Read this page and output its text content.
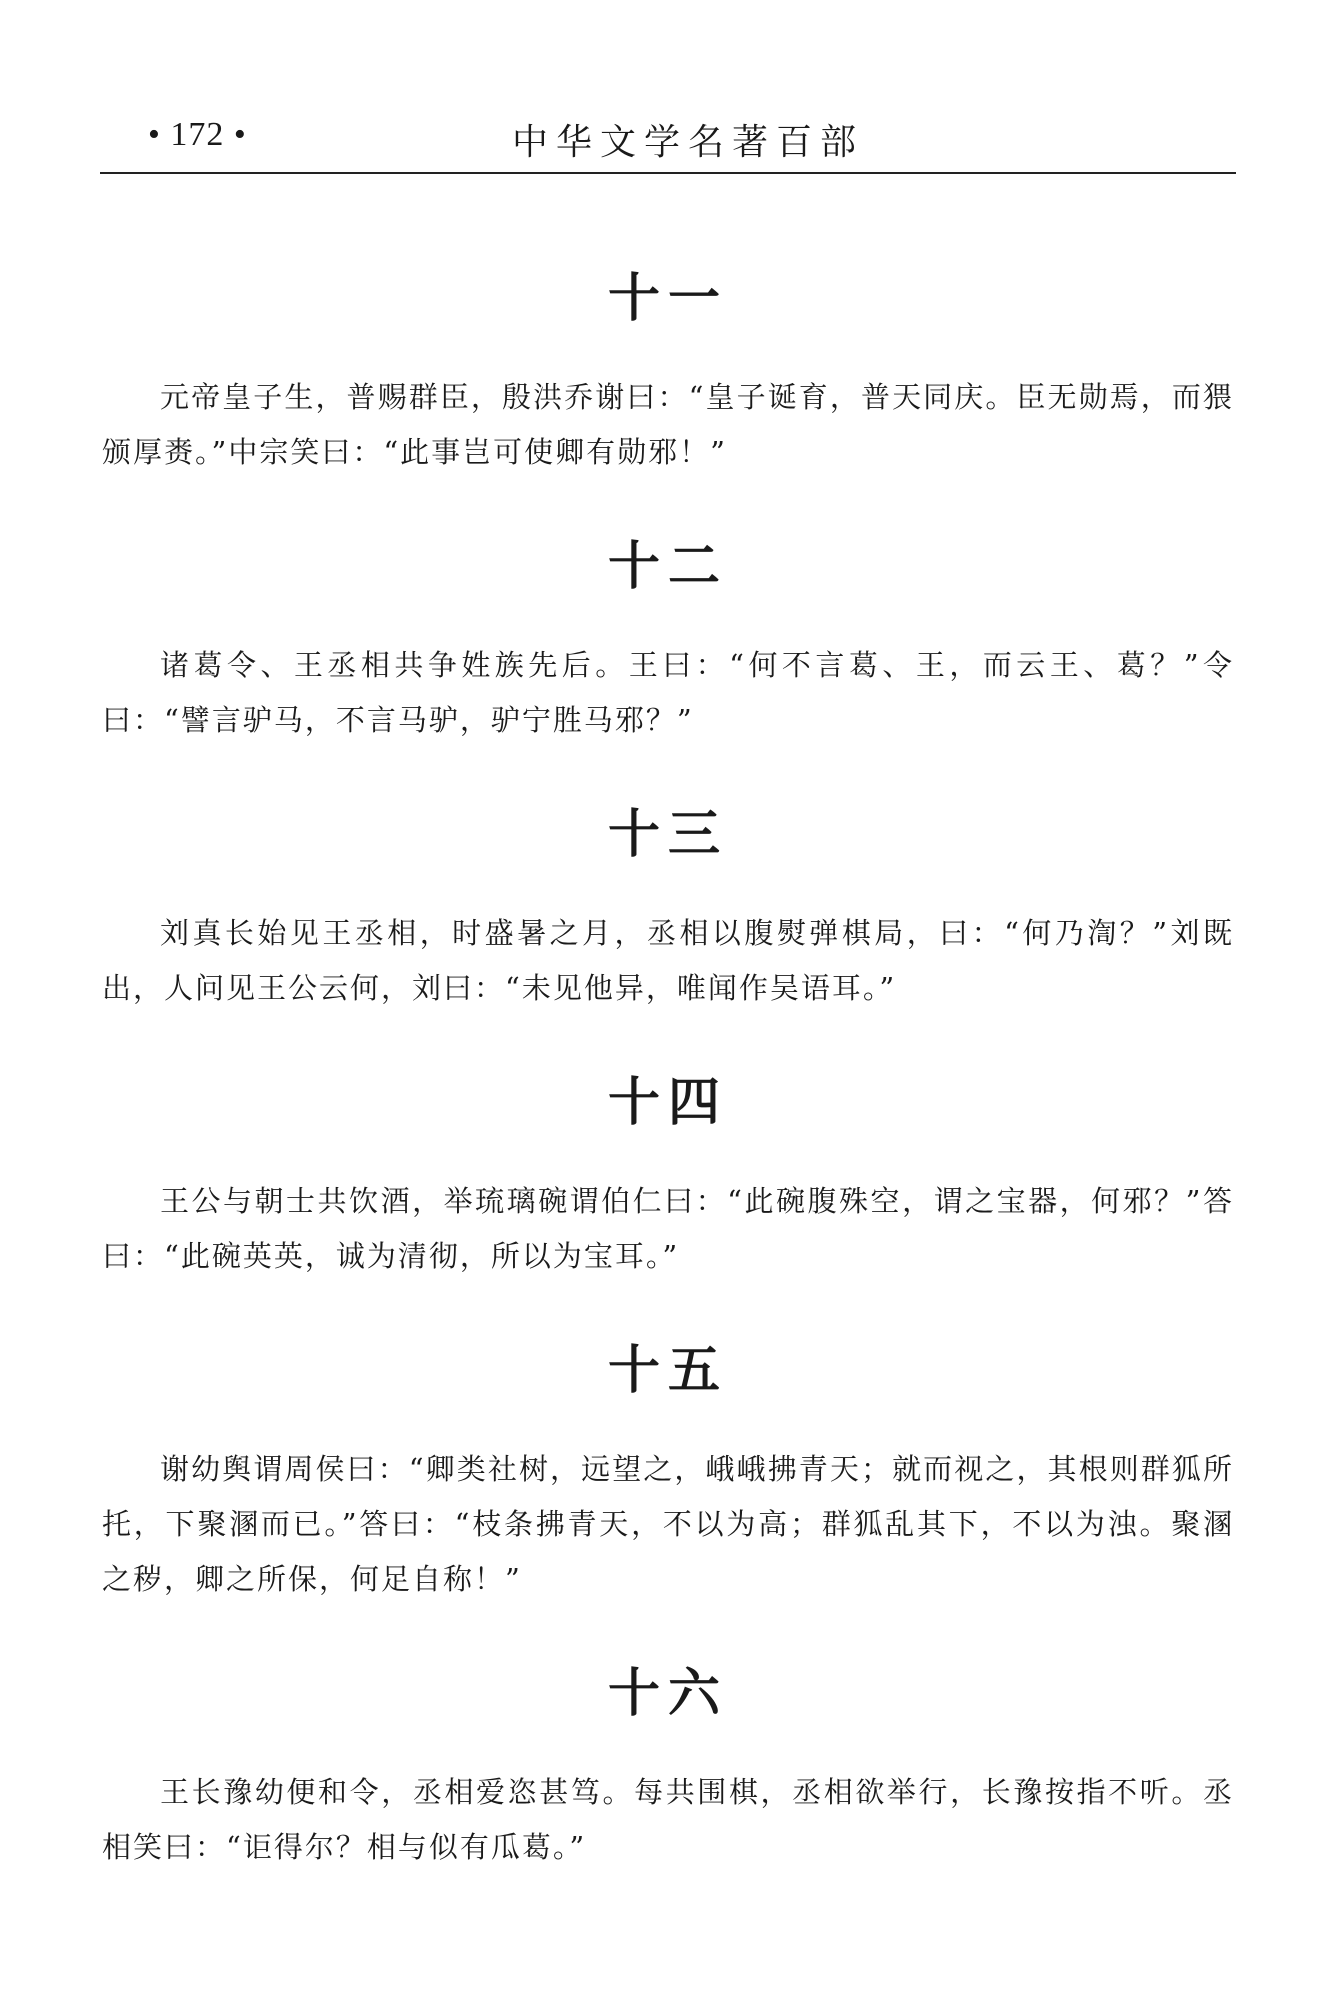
• 172 •	中华文学名著百部
十一

元帝皇子生，普赐群臣，殷洪乔谢曰：“皇子诞育，普天同庆。臣无勋焉，而猥颁厚赉。”中宗笑曰：“此事岂可使卿有勋邪！”

十二

诸葛令、王丞相共争姓族先后。王曰：“何不言葛、王，而云王、葛？”令曰：“譬言驴马，不言马驴，驴宁胜马邪？”

十三

刘真长始见王丞相，时盛暑之月，丞相以腹熨弹棋局，曰：“何乃渹？”刘既出，人问见王公云何，刘曰：“未见他异，唯闻作吴语耳。”

十四

王公与朝士共饮酒，举琉璃碗谓伯仁曰：“此碗腹殊空，谓之宝器，何邪？”答曰：“此碗英英，诚为清彻，所以为宝耳。”

十五

谢幼舆谓周侯曰：“卿类社树，远望之，峨峨拂青天；就而视之，其根则群狐所托，下聚溷而已。”答曰：“枝条拂青天，不以为高；群狐乱其下，不以为浊。聚溷之秽，卿之所保，何足自称！”

十六

王长豫幼便和令，丞相爱恣甚笃。每共围棋，丞相欲举行，长豫按指不听。丞相笑曰：“讵得尔？相与似有瓜葛。”
